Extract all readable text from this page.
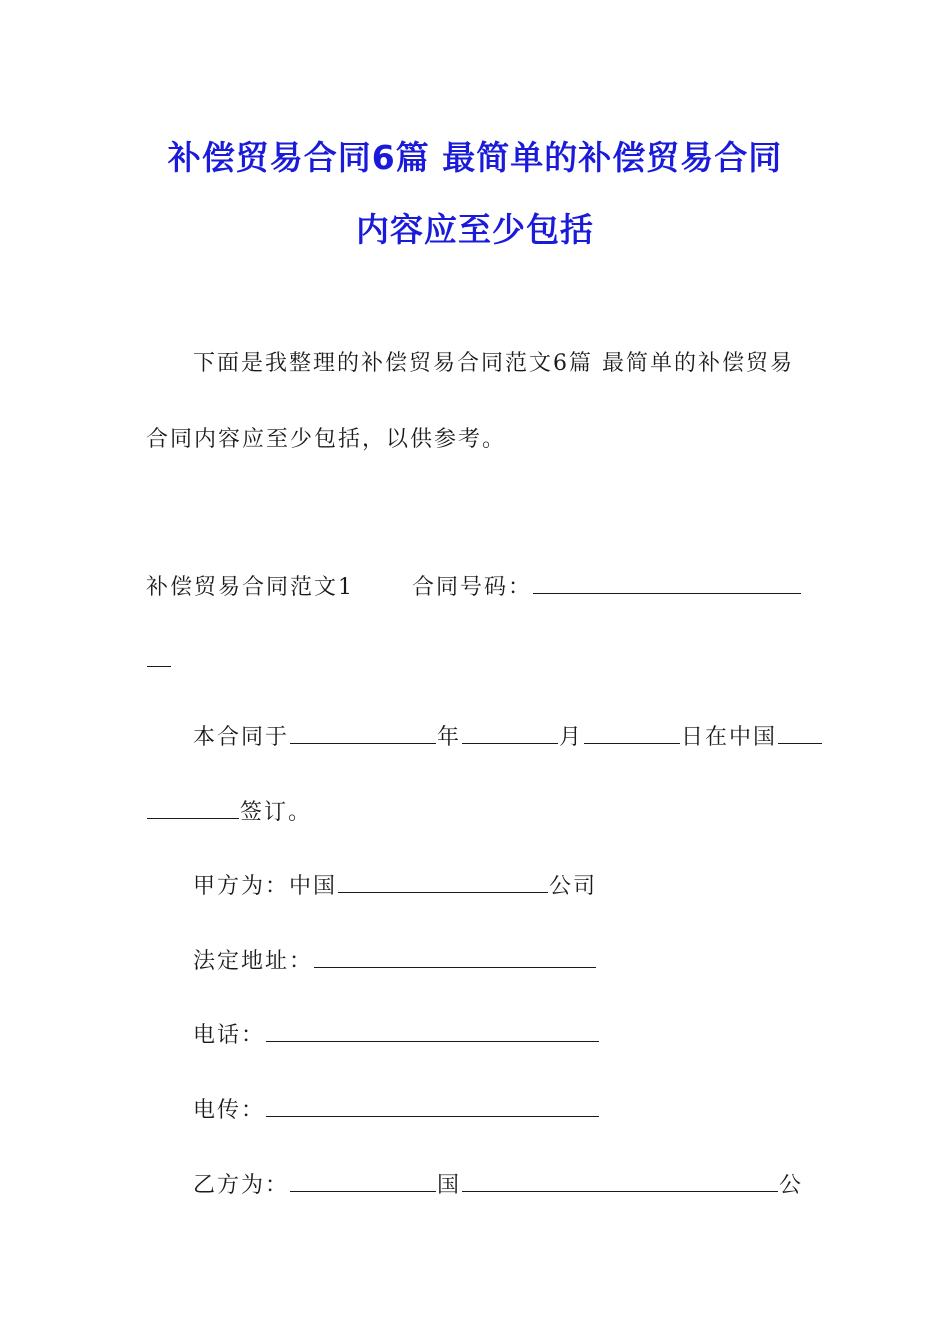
补偿贸易合同6篇 最简单的补偿贸易合同
内容应至少包括
下面是我整理的补偿贸易合同范文6篇 最简单的补偿贸易
合同内容应至少包括，以供参考。
补偿贸易合同范文1	合同号码：
本合同于	年	月	日在中国
签订。
甲方为：中国	公司
法定地址：
电话：
电传：
乙方为：	国	公
